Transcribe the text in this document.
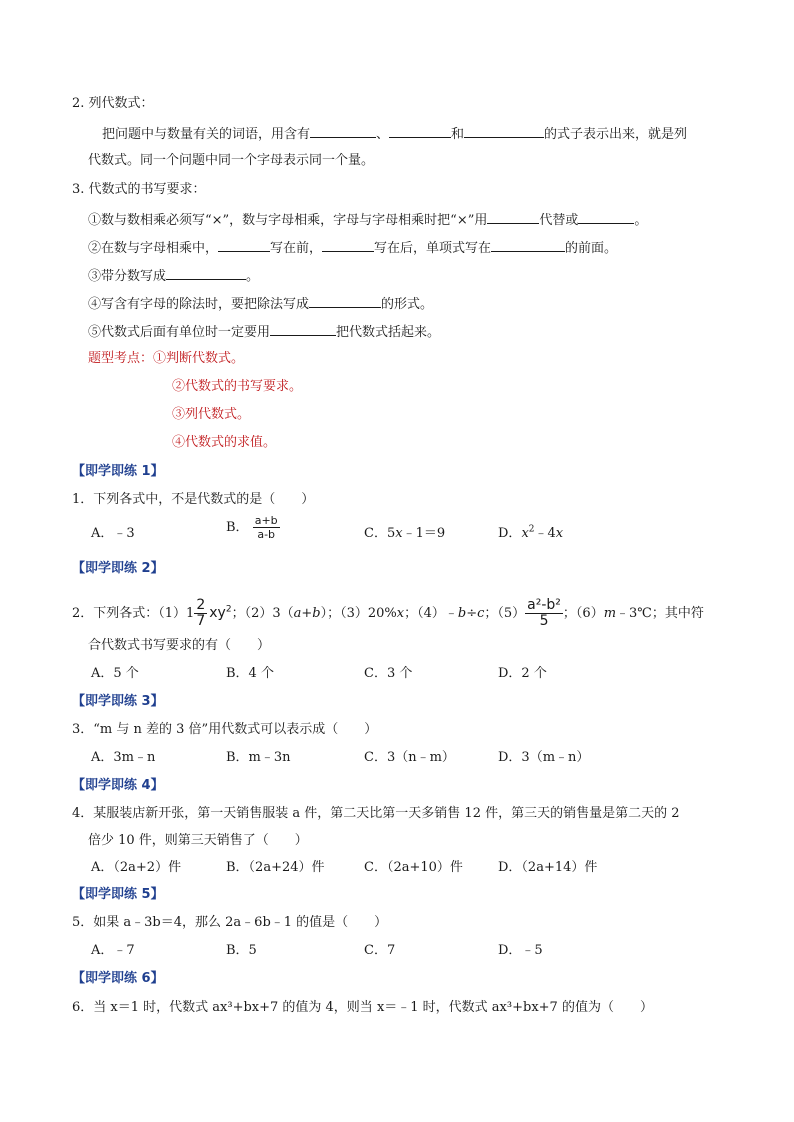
2. 列代数式：
把问题中与数量有关的词语，用含有	、	和	的式子表示出来，就是列
代数式。同一个问题中同一个字母表示同一个量。
3. 代数式的书写要求：
①数与数相乘必须写“×”，数与字母相乘，字母与字母相乘时把“×”用	代替或	。
②在数与字母相乘中，	写在前，	写在后，单项式写在	的前面。
③带分数写成	。
④写含有字母的除法时，要把除法写成	的形式。
⑤代数式后面有单位时一定要用	把代数式括起来。
题型考点：①判断代数式。
②代数式的书写要求。
③列代数式。
④代数式的求值。
【即学即练 1】
1．下列各式中，不是代数式的是（　　）
A．﹣3	B． $\frac{a+b}{a-b}$	C．5x﹣1＝9	D．$x^2﹣4x$
【即学即练 2】
2．下列各式：$(1)1 \frac{2}{7} xy^2$；（2）3（a+b）；（3）20%x；（4）﹣b÷c；$(5) \frac{\text{a²-b²}}{5}$ ；（6）m﹣3℃；其中符
合代数式书写要求的有（　　）
A．5 个	B．4 个	C．3 个	D．2 个
【即学即练 3】
3．“m 与 n 差的 3 倍”用代数式可以表示成（　　）
A．3m﹣n	B．m﹣3n	C．3（n﹣m）	D．3（m﹣n）
【即学即练 4】
4．某服装店新开张，第一天销售服装 a 件，第二天比第一天多销售 12 件，第三天的销售量是第二天的 2
倍少 10 件，则第三天销售了（　　）
A．（2a+2）件	B．（2a+24）件	C．（2a+10）件	D．（2a+14）件
【即学即练 5】
5．如果 a﹣3b＝4，那么 2a﹣6b﹣1 的值是（　　）
A．﹣7	B．5	C．7	D．﹣5
【即学即练 6】
6．当 x＝1 时，代数式 ax³+bx+7 的值为 4，则当 x＝﹣1 时，代数式 ax³+bx+7 的值为（　　）
